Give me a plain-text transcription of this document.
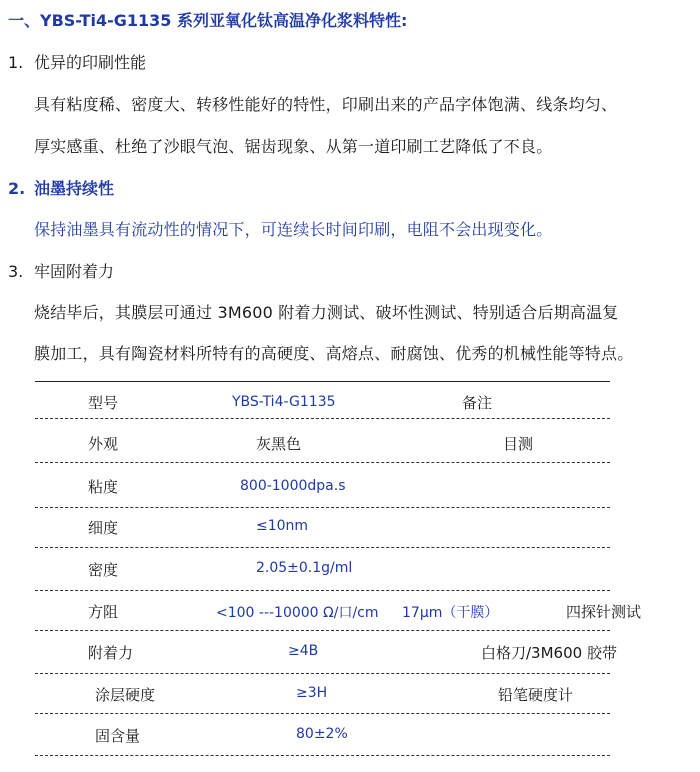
一、YBS-Ti4-G1135 系列亚氧化钛高温净化浆料特性:
1. 优异的印刷性能
具有粘度稀、密度大、转移性能好的特性，印刷出来的产品字体饱满、线条均匀、
厚实感重、杜绝了沙眼气泡、锯齿现象、从第一道印刷工艺降低了不良。
2. 油墨持续性
保持油墨具有流动性的情况下，可连续长时间印刷，电阻不会出现变化。
3. 牢固附着力
烧结毕后，其膜层可通过 3M600 附着力测试、破坏性测试、特别适合后期高温复
膜加工，具有陶瓷材料所特有的高硬度、高熔点、耐腐蚀、优秀的机械性能等特点。
型号	YBS-Ti4-G1135	备注
外观	灰黑色	目测
粘度	800-1000dpa.s
细度	≤10nm
密度	2.05±0.1g/ml
方阻	<100 ---10000 Ω/口/cm 17μm（干膜）	四探针测试
附着力	≥4B	白格刀/3M600 胶带
涂层硬度	≥3H	铅笔硬度计
固含量	80±2%
